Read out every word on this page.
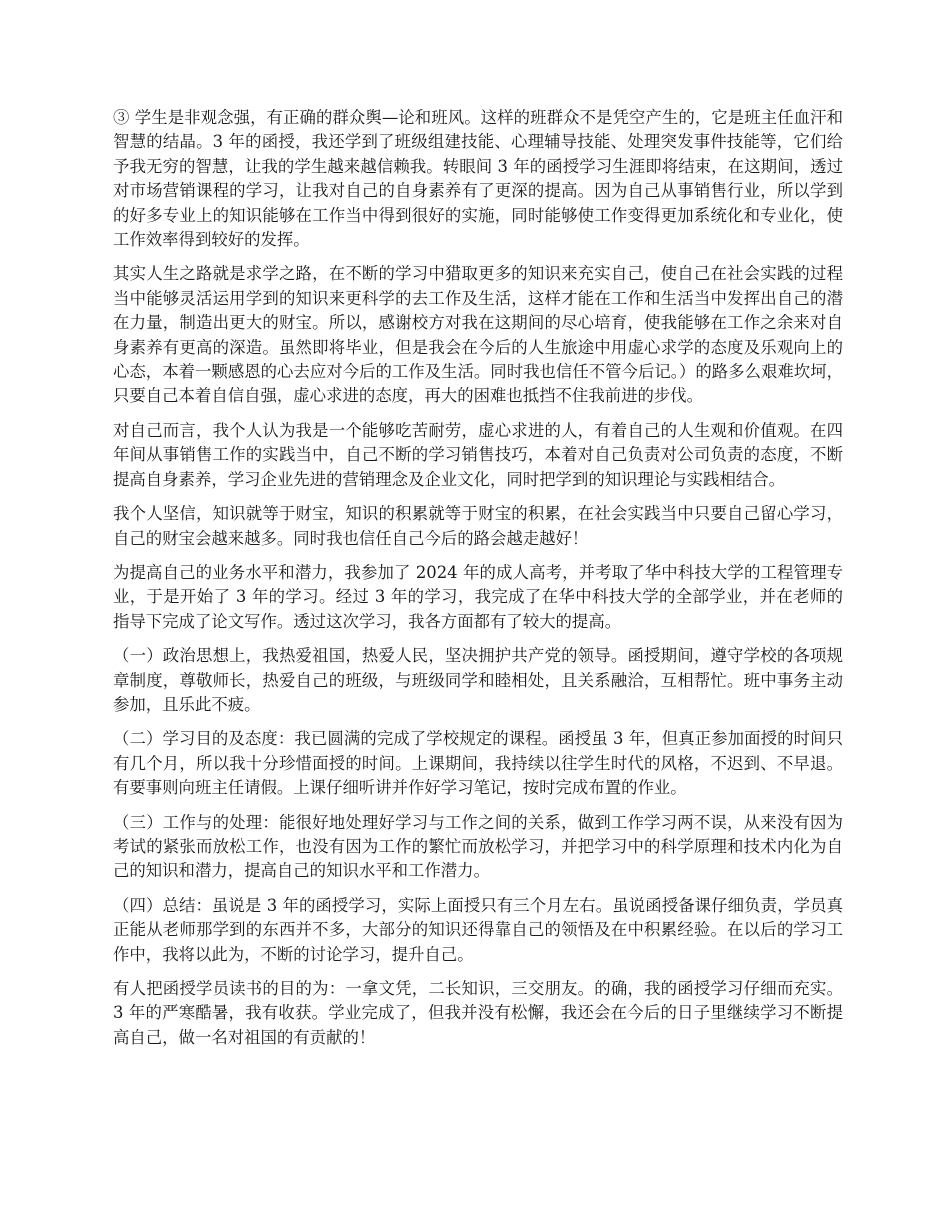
③ 学生是非观念强，有正确的群众舆—论和班风。这样的班群众不是凭空产生的，它是班主任血汗和智慧的结晶。3 年的函授，我还学到了班级组建技能、心理辅导技能、处理突发事件技能等，它们给予我无穷的智慧，让我的学生越来越信赖我。转眼间 3 年的函授学习生涯即将结束，在这期间，透过对市场营销课程的学习，让我对自己的自身素养有了更深的提高。因为自己从事销售行业，所以学到的好多专业上的知识能够在工作当中得到很好的实施，同时能够使工作变得更加系统化和专业化，使工作效率得到较好的发挥。

其实人生之路就是求学之路，在不断的学习中猎取更多的知识来充实自己，使自己在社会实践的过程当中能够灵活运用学到的知识来更科学的去工作及生活，这样才能在工作和生活当中发挥出自己的潜在力量，制造出更大的财宝。所以，感谢校方对我在这期间的尽心培育，使我能够在工作之余来对自身素养有更高的深造。虽然即将毕业，但是我会在今后的人生旅途中用虚心求学的态度及乐观向上的心态，本着一颗感恩的心去应对今后的工作及生活。同时我也信任不管今后记。）的路多么艰难坎坷，只要自己本着自信自强，虚心求进的态度，再大的困难也抵挡不住我前进的步伐。

对自己而言，我个人认为我是一个能够吃苦耐劳，虚心求进的人，有着自己的人生观和价值观。在四年间从事销售工作的实践当中，自己不断的学习销售技巧，本着对自己负责对公司负责的态度，不断提高自身素养，学习企业先进的营销理念及企业文化，同时把学到的知识理论与实践相结合。

我个人坚信，知识就等于财宝，知识的积累就等于财宝的积累，在社会实践当中只要自己留心学习，自己的财宝会越来越多。同时我也信任自己今后的路会越走越好！

为提高自己的业务水平和潜力，我参加了 2024 年的成人高考，并考取了华中科技大学的工程管理专业，于是开始了 3 年的学习。经过 3 年的学习，我完成了在华中科技大学的全部学业，并在老师的指导下完成了论文写作。透过这次学习，我各方面都有了较大的提高。

（一）政治思想上，我热爱祖国，热爱人民，坚决拥护共产党的领导。函授期间，遵守学校的各项规章制度，尊敬师长，热爱自己的班级，与班级同学和睦相处，且关系融洽，互相帮忙。班中事务主动参加，且乐此不疲。

（二）学习目的及态度：我已圆满的完成了学校规定的课程。函授虽 3 年，但真正参加面授的时间只有几个月，所以我十分珍惜面授的时间。上课期间，我持续以往学生时代的风格，不迟到、不早退。有要事则向班主任请假。上课仔细听讲并作好学习笔记，按时完成布置的作业。

（三）工作与的处理：能很好地处理好学习与工作之间的关系，做到工作学习两不误，从来没有因为考试的紧张而放松工作，也没有因为工作的繁忙而放松学习，并把学习中的科学原理和技术内化为自己的知识和潜力，提高自己的知识水平和工作潜力。

（四）总结：虽说是 3 年的函授学习，实际上面授只有三个月左右。虽说函授备课仔细负责，学员真正能从老师那学到的东西并不多，大部分的知识还得靠自己的领悟及在中积累经验。在以后的学习工作中，我将以此为，不断的讨论学习，提升自己。

有人把函授学员读书的目的为：一拿文凭，二长知识，三交朋友。的确，我的函授学习仔细而充实。3 年的严寒酷暑，我有收获。学业完成了，但我并没有松懈，我还会在今后的日子里继续学习不断提高自己，做一名对祖国的有贡献的！
